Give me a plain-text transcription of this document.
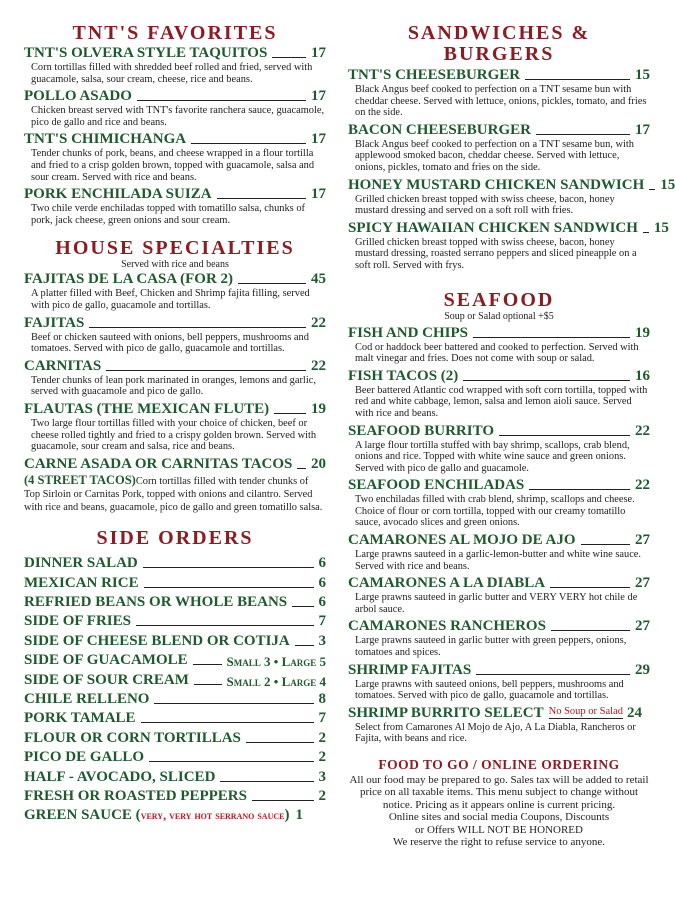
TNT'S FAVORITES
TNT'S OLVERA STYLE TAQUITOS	17
Corn tortillas filled with shredded beef rolled and fried, served with guacamole, salsa, sour cream, cheese, rice and beans.
POLLO ASADO	17
Chicken breast served with TNT's favorite ranchera sauce, guacamole, pico de gallo and rice and beans.
TNT'S CHIMICHANGA	17
Tender chunks of pork, beans, and cheese wrapped in a flour tortilla and fried to a crisp golden brown, topped with guacamole, salsa and sour cream. Served with rice and beans.
PORK ENCHILADA SUIZA	17
Two chile verde enchiladas topped with tomatillo salsa, chunks of pork, jack cheese, green onions and sour cream.
HOUSE SPECIALTIES
Served with rice and beans
FAJITAS DE LA CASA (FOR 2)	45
A platter filled with Beef, Chicken and Shrimp fajita filling, served with pico de gallo, guacamole and tortillas.
FAJITAS	22
Beef or chicken sauteed with onions, bell peppers, mushrooms and tomatoes. Served with pico de gallo, guacamole and tortillas.
CARNITAS	22
Tender chunks of lean pork marinated in oranges, lemons and garlic, served with guacamole and pico de gallo.
FLAUTAS (THE MEXICAN FLUTE)	19
Two large flour tortillas filled with your choice of chicken, beef or cheese rolled tightly and fried to a crispy golden brown. Served with guacamole, sour cream and salsa, rice and beans.
CARNE ASADA OR CARNITAS TACOS 20
(4 STREET TACOS)Corn tortillas filled with tender chunks of Top Sirloin or Carnitas Pork, topped with onions and cilantro. Served with rice and beans, guacamole, pico de gallo and green tomatillo salsa.
SIDE ORDERS
DINNER SALAD	6
MEXICAN RICE	6
REFRIED BEANS OR WHOLE BEANS 6
SIDE OF FRIES	7
SIDE OF CHEESE BLEND OR COTIJA 3
SIDE OF GUACAMOLE	Small 3 • Large 5
SIDE OF SOUR CREAM	Small 2 • Large 4
CHILE RELLENO	8
PORK TAMALE	7
FLOUR OR CORN TORTILLAS	2
PICO DE GALLO	2
HALF - AVOCADO, SLICED	3
FRESH OR ROASTED PEPPERS	2
GREEN SAUCE (very, very hot serrano sauce) 1
SANDWICHES &
BURGERS
TNT'S CHEESEBURGER	15
Black Angus beef cooked to perfection on a TNT sesame bun with cheddar cheese. Served with lettuce, onions, pickles, tomato, and fries on the side.
BACON CHEESEBURGER	17
Black Angus beef cooked to perfection on a TNT sesame bun, with applewood smoked bacon, cheddar cheese. Served with lettuce, onions, pickles, tomato and fries on the side.
HONEY MUSTARD CHICKEN SANDWICH 15
Grilled chicken breast topped with swiss cheese, bacon, honey mustard dressing and served on a soft roll with fries.
SPICY HAWAIIAN CHICKEN SANDWICH 15
Grilled chicken breast topped with swiss cheese, bacon, honey mustard dressing, roasted serrano peppers and sliced pineapple on a soft roll. Served with frys.
SEAFOOD
Soup or Salad optional +$5
FISH AND CHIPS	19
Cod or haddock beer battered and cooked to perfection. Served with malt vinegar and fries. Does not come with soup or salad.
FISH TACOS (2)	16
Beer battered Atlantic cod wrapped with soft corn tortilla, topped with red and white cabbage, lemon, salsa and lemon aioli sauce. Served with rice and beans.
SEAFOOD BURRITO	22
A large flour tortilla stuffed with bay shrimp, scallops, crab blend, onions and rice. Topped with white wine sauce and green onions. Served with pico de gallo and guacamole.
SEAFOOD ENCHILADAS	22
Two enchiladas filled with crab blend, shrimp, scallops and cheese. Choice of flour or corn tortilla, topped with our creamy tomatillo sauce, avocado slices and green onions.
CAMARONES AL MOJO DE AJO	27
Large prawns sauteed in a garlic-lemon-butter and white wine sauce. Served with rice and beans.
CAMARONES A LA DIABLA	27
Large prawns sauteed in garlic butter and VERY VERY hot chile de arbol sauce.
CAMARONES RANCHEROS	27
Large prawns sauteed in garlic butter with green peppers, onions, tomatoes and spices.
SHRIMP FAJITAS	29
Large prawns with sauteed onions, bell peppers, mushrooms and tomatoes. Served with pico de gallo, guacamole and tortillas.
SHRIMP BURRITO SELECT No Soup or Salad 24
Select from Camarones Al Mojo de Ajo, A La Diabla, Rancheros or Fajita, with beans and rice.
FOOD TO GO / ONLINE ORDERING
All our food may be prepared to go. Sales tax will be added to retail price on all taxable items. This menu subject to change without notice. Pricing as it appears online is current pricing.
Online sites and social media Coupons, Discounts or Offers WILL NOT BE HONORED
We reserve the right to refuse service to anyone.
